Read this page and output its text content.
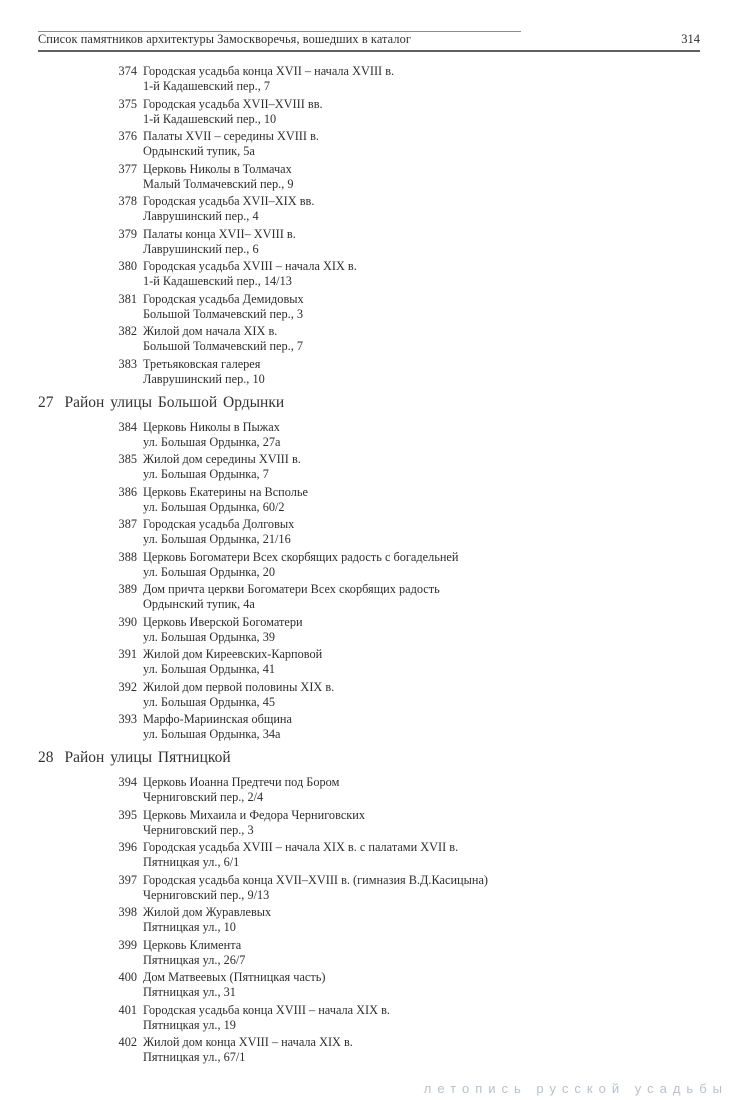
Список памятников архитектуры Замоскворечья, вошедших в каталог	314
374 Городская усадьба конца XVII – начала XVIII в.
1-й Кадашевский пер., 7
375 Городская усадьба XVII–XVIII вв.
1-й Кадашевский пер., 10
376 Палаты XVII – середины XVIII в.
Ордынский тупик, 5а
377 Церковь Николы в Толмачах
Малый Толмачевский пер., 9
378 Городская усадьба XVII–XIX вв.
Лаврушинский пер., 4
379 Палаты конца XVII– XVIII в.
Лаврушинский пер., 6
380 Городская усадьба XVIII – начала XIX в.
1-й Кадашевский пер., 14/13
381 Городская усадьба Демидовых
Большой Толмачевский пер., 3
382 Жилой дом начала XIX в.
Большой Толмачевский пер., 7
383 Третьяковская галерея
Лаврушинский пер., 10
27 Район улицы Большой Ордынки
384 Церковь Николы в Пыжах
ул. Большая Ордынка, 27а
385 Жилой дом середины XVIII в.
ул. Большая Ордынка, 7
386 Церковь Екатерины на Всполье
ул. Большая Ордынка, 60/2
387 Городская усадьба Долговых
ул. Большая Ордынка, 21/16
388 Церковь Богоматери Всех скорбящих радость с богадельней
ул. Большая Ордынка, 20
389 Дом причта церкви Богоматери Всех скорбящих радость
Ордынский тупик, 4а
390 Церковь Иверской Богоматери
ул. Большая Ордынка, 39
391 Жилой дом Киреевских-Карповой
ул. Большая Ордынка, 41
392 Жилой дом первой половины XIX в.
ул. Большая Ордынка, 45
393 Марфо-Мариинская община
ул. Большая Ордынка, 34а
28 Район улицы Пятницкой
394 Церковь Иоанна Предтечи под Бором
Черниговский пер., 2/4
395 Церковь Михаила и Федора Черниговских
Черниговский пер., 3
396 Городская усадьба XVIII – начала XIX в. с палатами XVII в.
Пятницкая ул., 6/1
397 Городская усадьба конца XVII–XVIII в. (гимназия В.Д.Касицына)
Черниговский пер., 9/13
398 Жилой дом Журавлевых
Пятницкая ул., 10
399 Церковь Климента
Пятницкая ул., 26/7
400 Дом Матвеевых (Пятницкая часть)
Пятницкая ул., 31
401 Городская усадьба конца XVIII – начала XIX в.
Пятницкая ул., 19
402 Жилой дом конца XVIII – начала XIX в.
Пятницкая ул., 67/1
летопись русской усадьбы
